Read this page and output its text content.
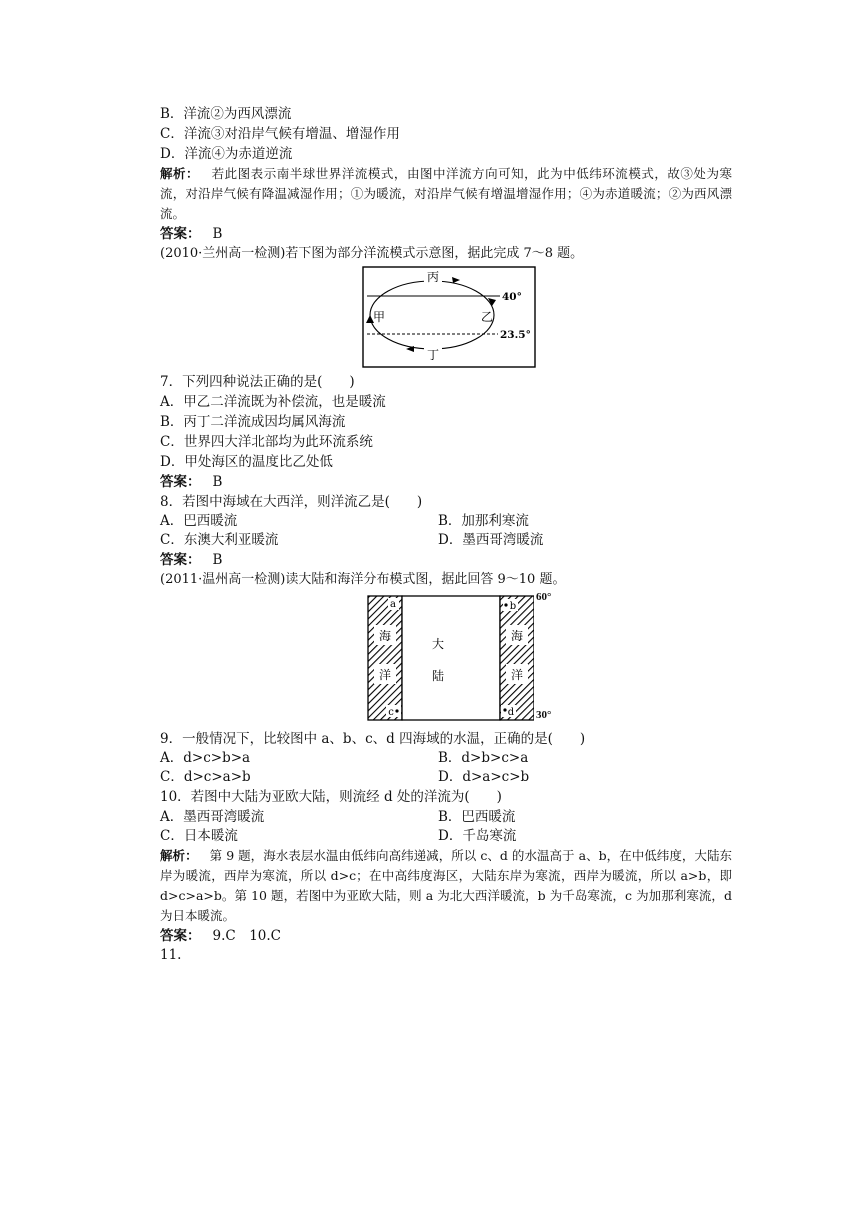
B．洋流②为西风漂流
C．洋流③对沿岸气候有增温、增湿作用
D．洋流④为赤道逆流
解析： 若此图表示南半球世界洋流模式，由图中洋流方向可知，此为中低纬环流模式，故③处为寒流，对沿岸气候有降温减湿作用；①为暖流，对沿岸气候有增温增湿作用；④为赤道暖流；②为西风漂流。
答案： B
(2010·兰州高一检测)若下图为部分洋流模式示意图，据此完成 7～8 题。
丙
丁
甲	乙
40°
23.5°
7．下列四种说法正确的是(　　)
A．甲乙二洋流既为补偿流，也是暖流
B．丙丁二洋流成因均属风海流
C．世界四大洋北部均为此环流系统
D．甲处海区的温度比乙处低
答案： B
8．若图中海域在大西洋，则洋流乙是(　　)
A．巴西暖流	B．加那利寒流
C．东澳大利亚暖流	D．墨西哥湾暖流
答案： B
(2011·温州高一检测)读大陆和海洋分布模式图，据此回答 9～10 题。
海
洋
海
洋
大
陆
a	b
c	d
60°
30°
9．一般情况下，比较图中 a、b、c、d 四海域的水温，正确的是(　　)
A．d>c>b>a	B．d>b>c>a
C．d>c>a>b	D．d>a>c>b
10．若图中大陆为亚欧大陆，则流经 d 处的洋流为(　　)
A．墨西哥湾暖流	B．巴西暖流
C．日本暖流	D．千岛寒流
解析： 第 9 题，海水表层水温由低纬向高纬递减，所以 c、d 的水温高于 a、b，在中低纬度，大陆东岸为暖流，西岸为寒流，所以 d>c；在中高纬度海区，大陆东岸为寒流，西岸为暖流，所以 a>b，即 d>c>a>b。第 10 题，若图中为亚欧大陆，则 a 为北大西洋暖流，b 为千岛寒流，c 为加那利寒流，d 为日本暖流。
答案： 9.C　10.C
11.
